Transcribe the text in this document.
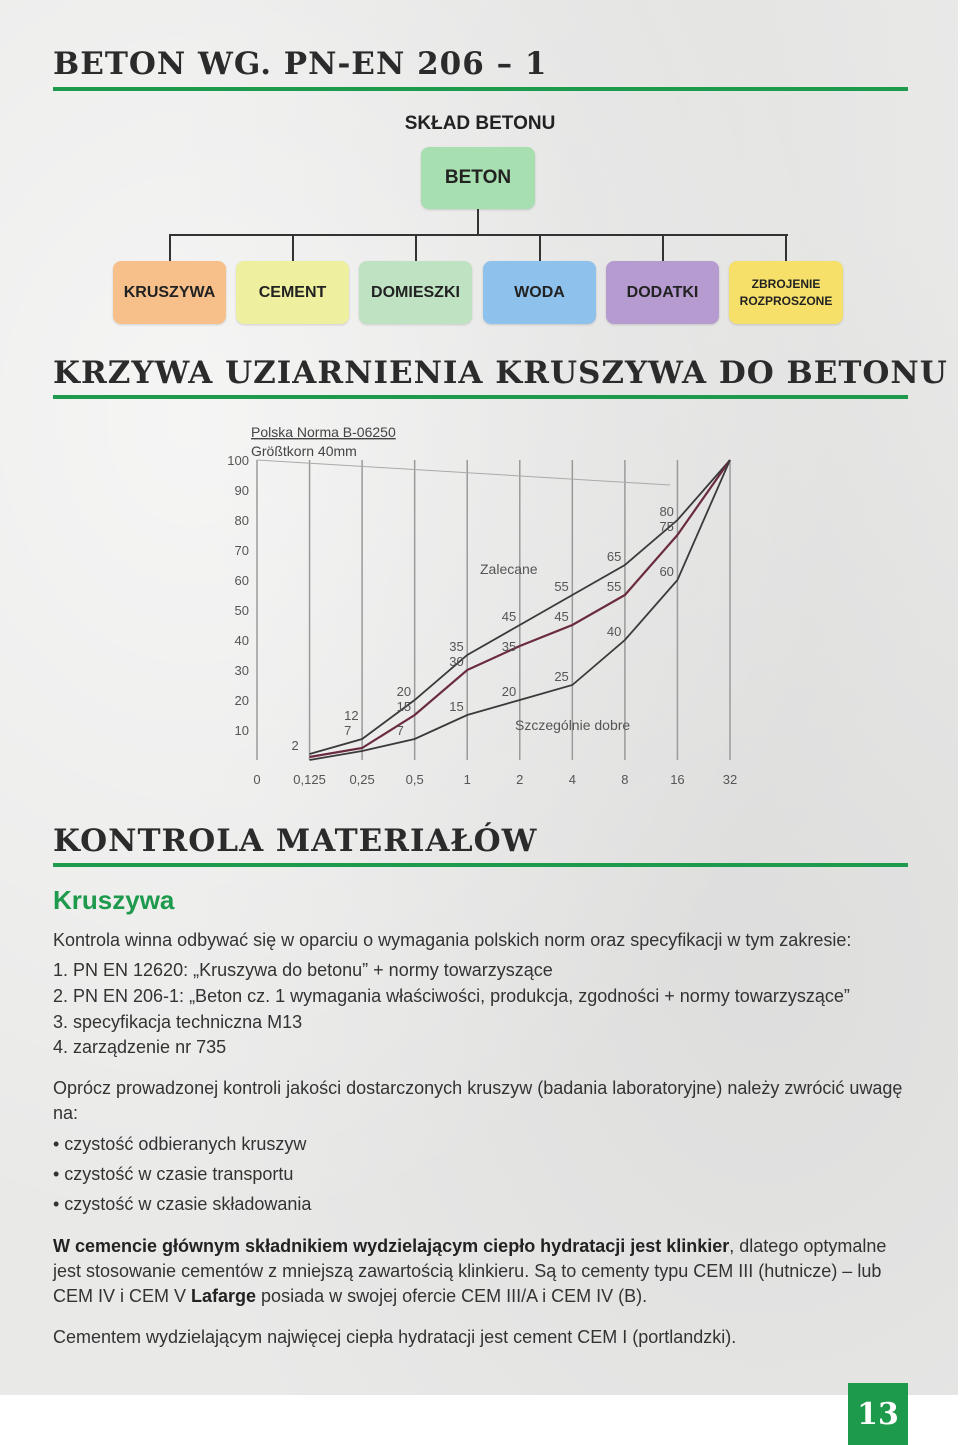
BETON WG. PN-EN 206 – 1
SKŁAD BETONU
BETON
KRUSZYWA	CEMENT	DOMIESZKI	WODA	DODATKI	ZBROJENIE ROZPROSZONE
KRZYWA UZIARNIENIA KRUSZYWA DO BETONU
Polska Norma B-06250
Größtkorn 40mm
0	0,125 0,25 0,5	1	2	4	8	16	32
100
90
80
70
60
50
40
30
20
10
2
12
7
20
15
7
35
30
15
45
35
20
55
45
25
65
55
40
80
75
60
Zalecane
Szczególnie dobre
KONTROLA MATERIAŁÓW
Kruszywa
Kontrola winna odbywać się w oparciu o wymagania polskich norm oraz specyfikacji w tym zakresie:
1. PN EN 12620: „Kruszywa do betonu” + normy towarzyszące
2. PN EN 206-1: „Beton cz. 1 wymagania właściwości, produkcja, zgodności + normy towarzyszące”
3. specyfikacja techniczna M13
4. zarządzenie nr 735
Oprócz prowadzonej kontroli jakości dostarczonych kruszyw (badania laboratoryjne) należy zwrócić uwagę na:
• czystość odbieranych kruszyw
• czystość w czasie transportu
• czystość w czasie składowania
W cemencie głównym składnikiem wydzielającym ciepło hydratacji jest klinkier, dlatego optymalne jest stosowanie cementów z mniejszą zawartością klinkieru. Są to cementy typu CEM III (hutnicze) – lub CEM IV i CEM V Lafarge posiada w swojej ofercie CEM III/A i CEM IV (B).
Cementem wydzielającym najwięcej ciepła hydratacji jest cement CEM I (portlandzki).
13
